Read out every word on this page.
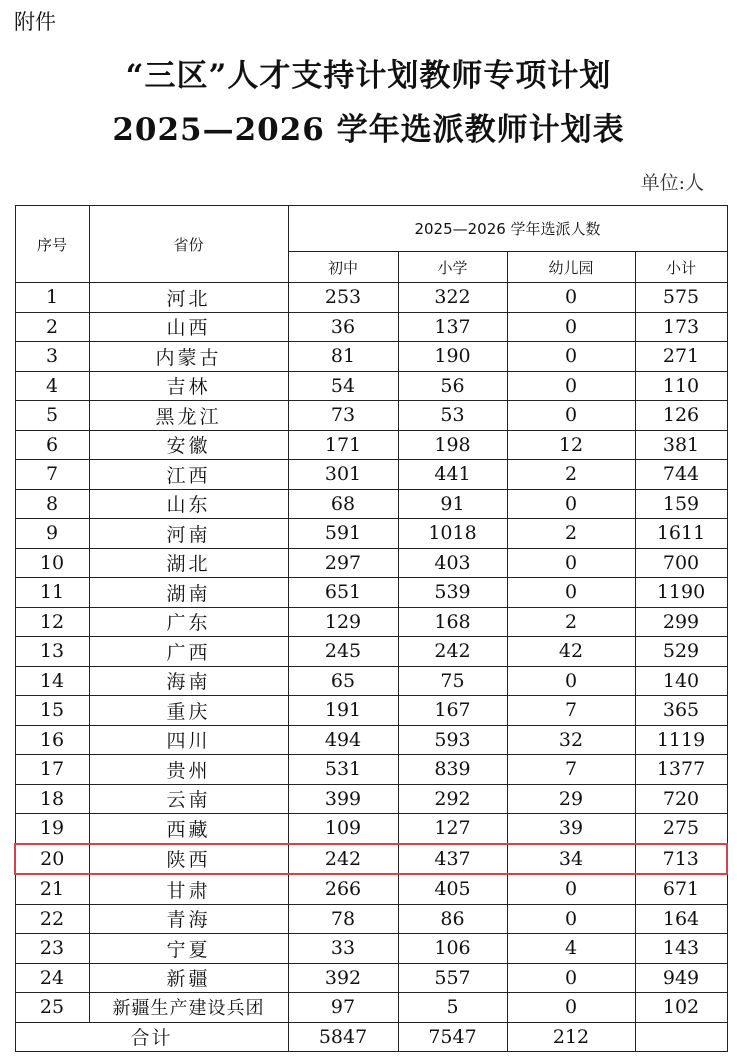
附件
“三区”人才支持计划教师专项计划
2025—2026 学年选派教师计划表
单位:人
序号	省份	2025—2026 学年选派人数			
		初中	小学	幼儿园	小计
1	河北	253	322	0	575
2	山西	36	137	0	173
3	内蒙古	81	190	0	271
4	吉林	54	56	0	110
5	黑龙江	73	53	0	126
6	安徽	171	198	12	381
7	江西	301	441	2	744
8	山东	68	91	0	159
9	河南	591	1018	2	1611
10	湖北	297	403	0	700
11	湖南	651	539	0	1190
12	广东	129	168	2	299
13	广西	245	242	42	529
14	海南	65	75	0	140
15	重庆	191	167	7	365
16	四川	494	593	32	1119
17	贵州	531	839	7	1377
18	云南	399	292	29	720
19	西藏	109	127	39	275
20	陕西	242	437	34	713
21	甘肃	266	405	0	671
22	青海	78	86	0	164
23	宁夏	33	106	4	143
24	新疆	392	557	0	949
25	新疆生产建设兵团	97	5	0	102
合计		5847	7547	212	
